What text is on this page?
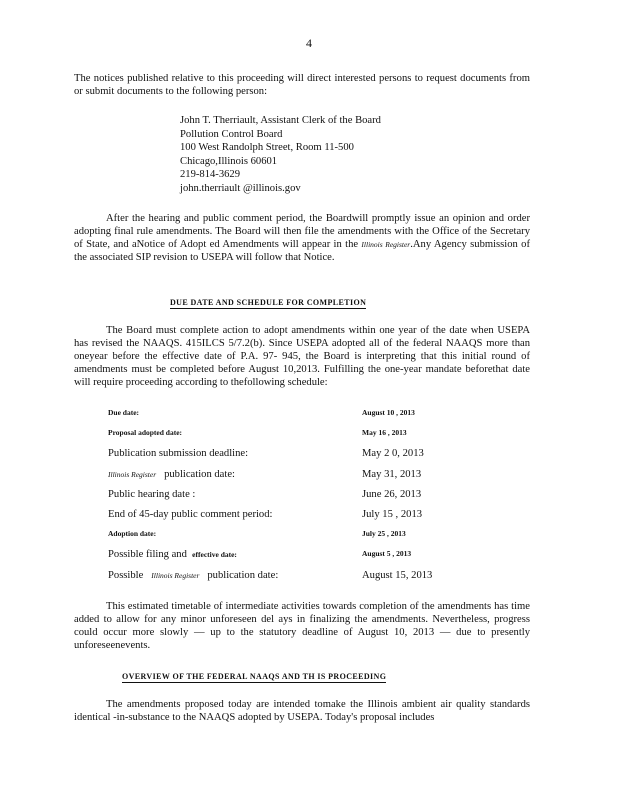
4
The notices published relative to this proceeding will direct interested persons to request documents from or submit documents to the following person:
John T. Therriault, Assistant Clerk of the Board
Pollution Control Board
100 West Randolph Street, Room 11-500
Chicago,Illinois 60601
219-814-3629
john.therriault @illinois.gov
After the hearing and public comment period, the Boardwill promptly issue an opinion and order adopting final rule amendments. The Board will then file the amendments with the Office of the Secretary of State, and aNotice of Adopt ed Amendments will appear in the Illinois Register.Any Agency submission of the associated SIP revision to USEPA will follow that Notice.
DUE DATE AND SCHEDULE FOR COMPLETION
The Board must complete action to adopt amendments within one year of the date when USEPA has revised the NAAQS. 415ILCS 5/7.2(b). Since USEPA adopted all of the federal NAAQS more than oneyear before the effective date of P.A. 97- 945, the Board is interpreting that this initial round of amendments must be completed before August 10,2013. Fulfilling the one-year mandate beforethat date will require proceeding according to thefollowing schedule:
Due date:	August 10 , 2013
Proposal adopted date:	May 16 , 2013
Publication submission deadline:	May 2 0, 2013
Illinois Register publication date:	May 31, 2013
Public hearing date :	June 26, 2013
End of 45-day public comment period:	July 15 , 2013
Adoption date:	July 25 , 2013
Possible filing and effective date:	August 5 , 2013
Possible Illinois Register publication date:	August 15, 2013
This estimated timetable of intermediate activities towards completion of the amendments has time added to allow for any minor unforeseen del ays in finalizing the amendments. Nevertheless, progress could occur more slowly — up to the statutory deadline of August 10, 2013 — due to presently unforeseenevents.
OVERVIEW OF THE FEDERAL NAAQS AND TH IS PROCEEDING
The amendments proposed today are intended tomake the Illinois ambient air quality standards identical -in-substance to the NAAQS adopted by USEPA. Today's proposal includes
